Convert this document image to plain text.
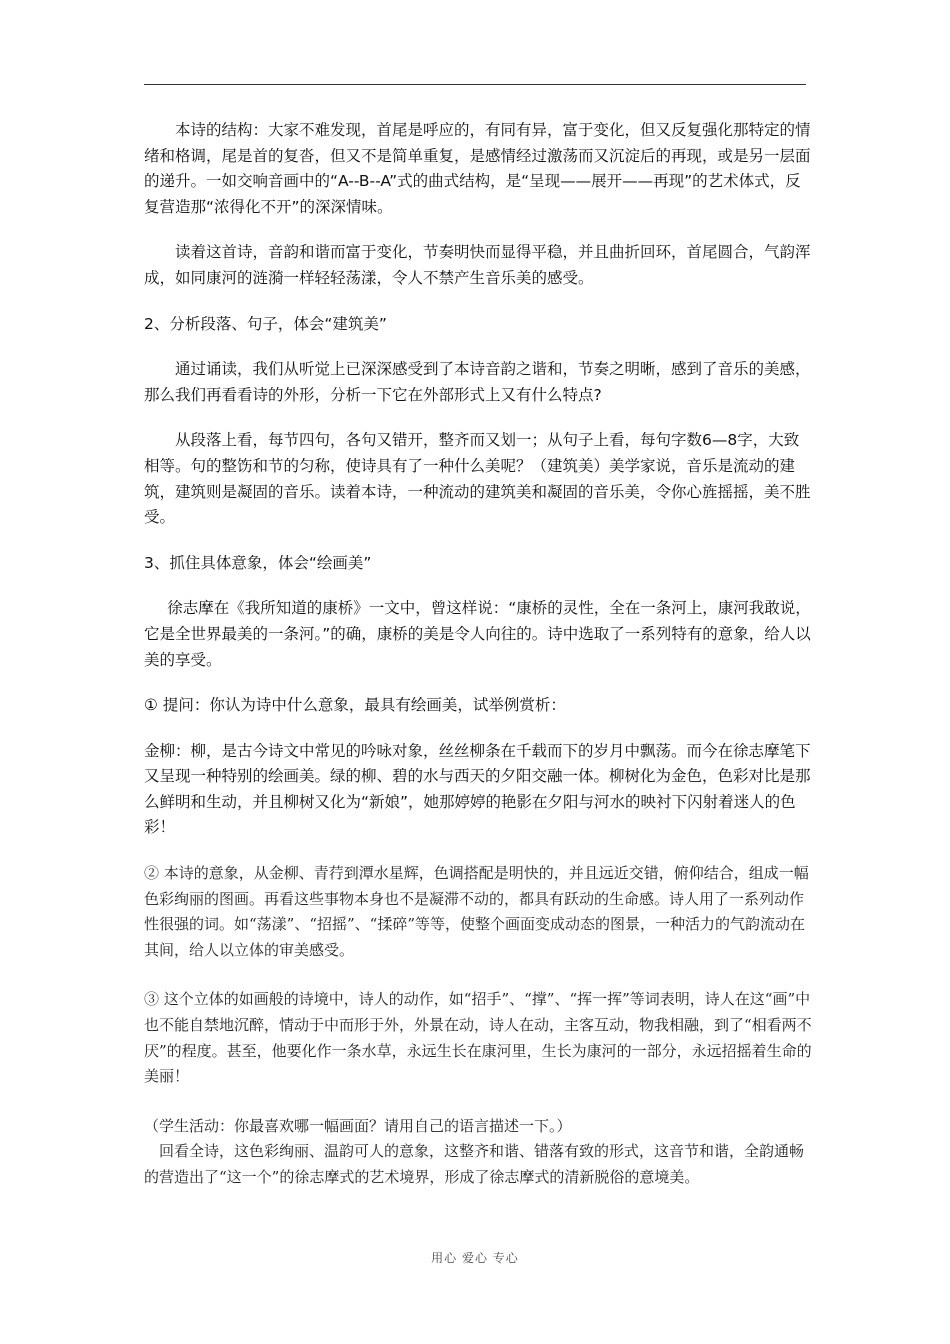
本诗的结构：大家不难发现，首尾是呼应的，有同有异，富于变化，但又反复强化那特定的情绪和格调，尾是首的复沓，但又不是简单重复，是感情经过激荡而又沉淀后的再现，或是另一层面的递升。一如交响音画中的“A--B--A”式的曲式结构，是“呈现——展开——再现”的艺术体式，反复营造那“浓得化不开”的深深情味。

读着这首诗，音韵和谐而富于变化，节奏明快而显得平稳，并且曲折回环，首尾圆合，气韵浑成，如同康河的涟漪一样轻轻荡漾，令人不禁产生音乐美的感受。

2、分析段落、句子，体会“建筑美”

通过诵读，我们从听觉上已深深感受到了本诗音韵之谐和，节奏之明晰，感到了音乐的美感，那么我们再看看诗的外形，分析一下它在外部形式上又有什么特点?

从段落上看，每节四句，各句又错开，整齐而又划一；从句子上看，每句字数6—8字，大致相等。句的整饬和节的匀称，使诗具有了一种什么美呢？（建筑美）美学家说，音乐是流动的建筑，建筑则是凝固的音乐。读着本诗，一种流动的建筑美和凝固的音乐美，令你心旌摇摇，美不胜受。

3、抓住具体意象，体会“绘画美”

徐志摩在《我所知道的康桥》一文中，曾这样说：“康桥的灵性，全在一条河上，康河我敢说，它是全世界最美的一条河。”的确，康桥的美是令人向往的。诗中选取了一系列特有的意象，给人以美的享受。

① 提问：你认为诗中什么意象，最具有绘画美，试举例赏析：

金柳：柳，是古今诗文中常见的吟咏对象，丝丝柳条在千载而下的岁月中飘荡。而今在徐志摩笔下又呈现一种特别的绘画美。绿的柳、碧的水与西天的夕阳交融一体。柳树化为金色，色彩对比是那么鲜明和生动，并且柳树又化为“新娘”，她那婷婷的艳影在夕阳与河水的映衬下闪射着迷人的色彩！

② 本诗的意象，从金柳、青荇到潭水星辉，色调搭配是明快的，并且远近交错，俯仰结合，组成一幅色彩绚丽的图画。再看这些事物本身也不是凝滞不动的，都具有跃动的生命感。诗人用了一系列动作性很强的词。如“荡漾”、“招摇”、“揉碎”等等，使整个画面变成动态的图景，一种活力的气韵流动在其间，给人以立体的审美感受。

③ 这个立体的如画般的诗境中，诗人的动作，如“招手”、“撑”、“挥一挥”等词表明，诗人在这“画”中也不能自禁地沉醉，情动于中而形于外，外景在动，诗人在动，主客互动，物我相融，到了“相看两不厌”的程度。甚至，他要化作一条水草，永远生长在康河里，生长为康河的一部分，永远招摇着生命的美丽！

（学生活动：你最喜欢哪一幅画面？请用自己的语言描述一下。）

回看全诗，这色彩绚丽、温韵可人的意象，这整齐和谐、错落有致的形式，这音节和谐，全韵通畅的营造出了“这一个”的徐志摩式的艺术境界，形成了徐志摩式的清新脱俗的意境美。

用心 爱心 专心
